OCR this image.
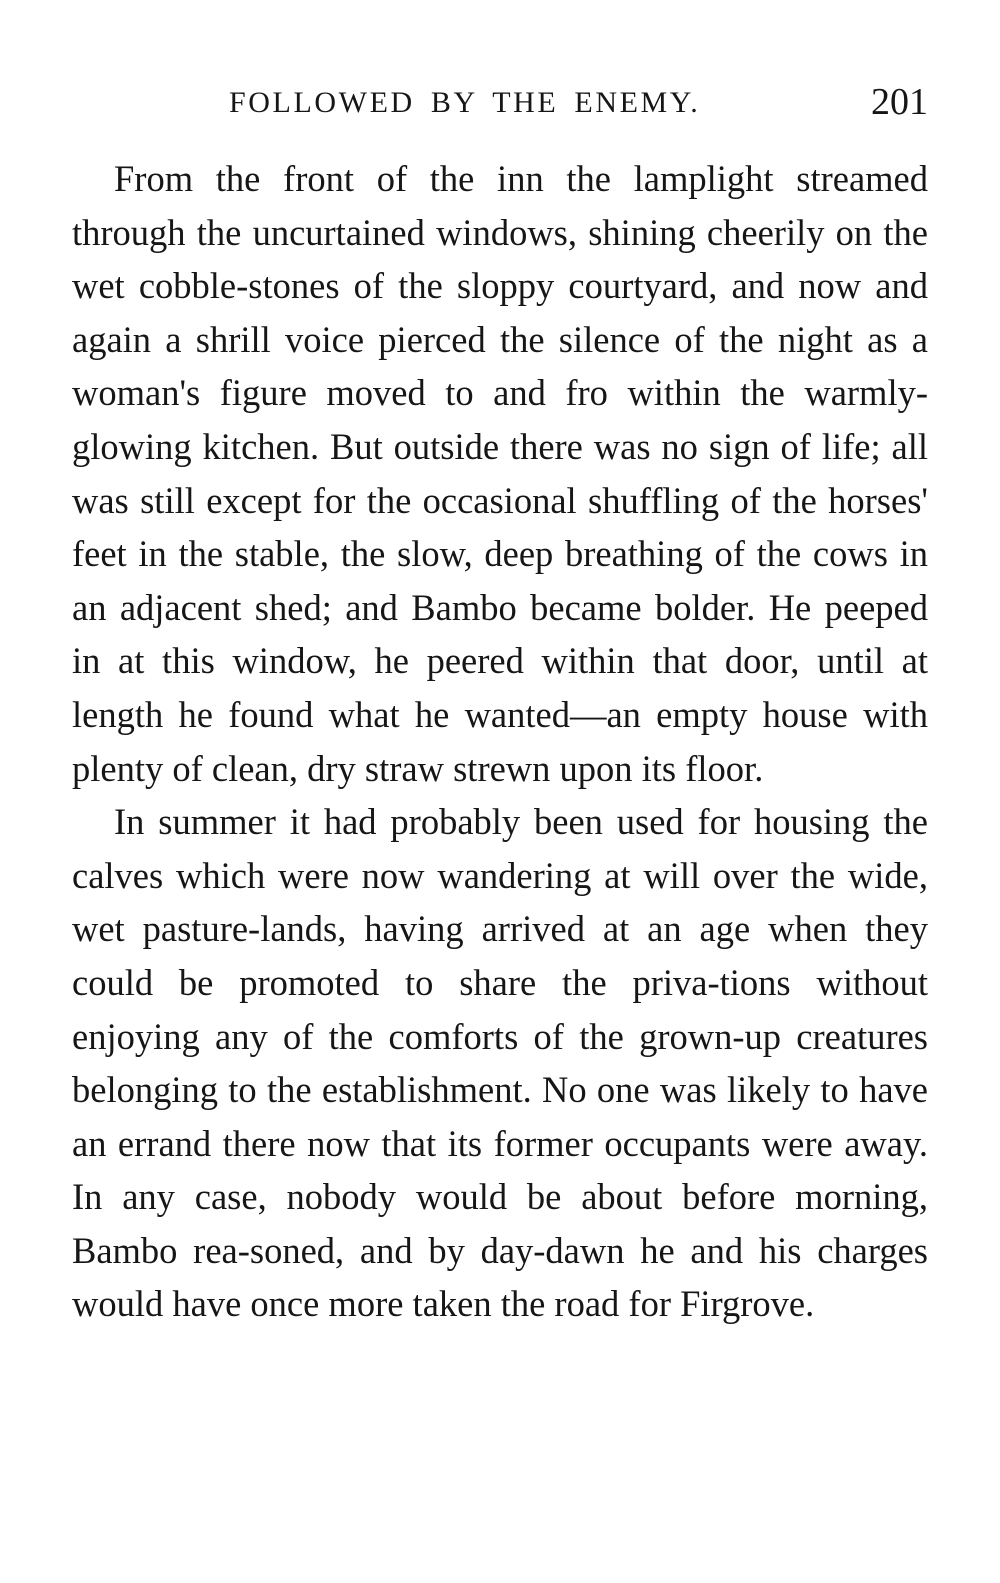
FOLLOWED BY THE ENEMY.	201

From the front of the inn the lamplight streamed through the uncurtained windows, shining cheerily on the wet cobble-stones of the sloppy courtyard, and now and again a shrill voice pierced the silence of the night as a woman's figure moved to and fro within the warmly-glowing kitchen. But outside there was no sign of life; all was still except for the occasional shuffling of the horses' feet in the stable, the slow, deep breathing of the cows in an adjacent shed; and Bambo became bolder. He peeped in at this window, he peered within that door, until at length he found what he wanted—an empty house with plenty of clean, dry straw strewn upon its floor.

In summer it had probably been used for housing the calves which were now wandering at will over the wide, wet pasture-lands, having arrived at an age when they could be promoted to share the priva-tions without enjoying any of the comforts of the grown-up creatures belonging to the establishment. No one was likely to have an errand there now that its former occupants were away. In any case, nobody would be about before morning, Bambo rea-soned, and by day-dawn he and his charges would have once more taken the road for Firgrove.
